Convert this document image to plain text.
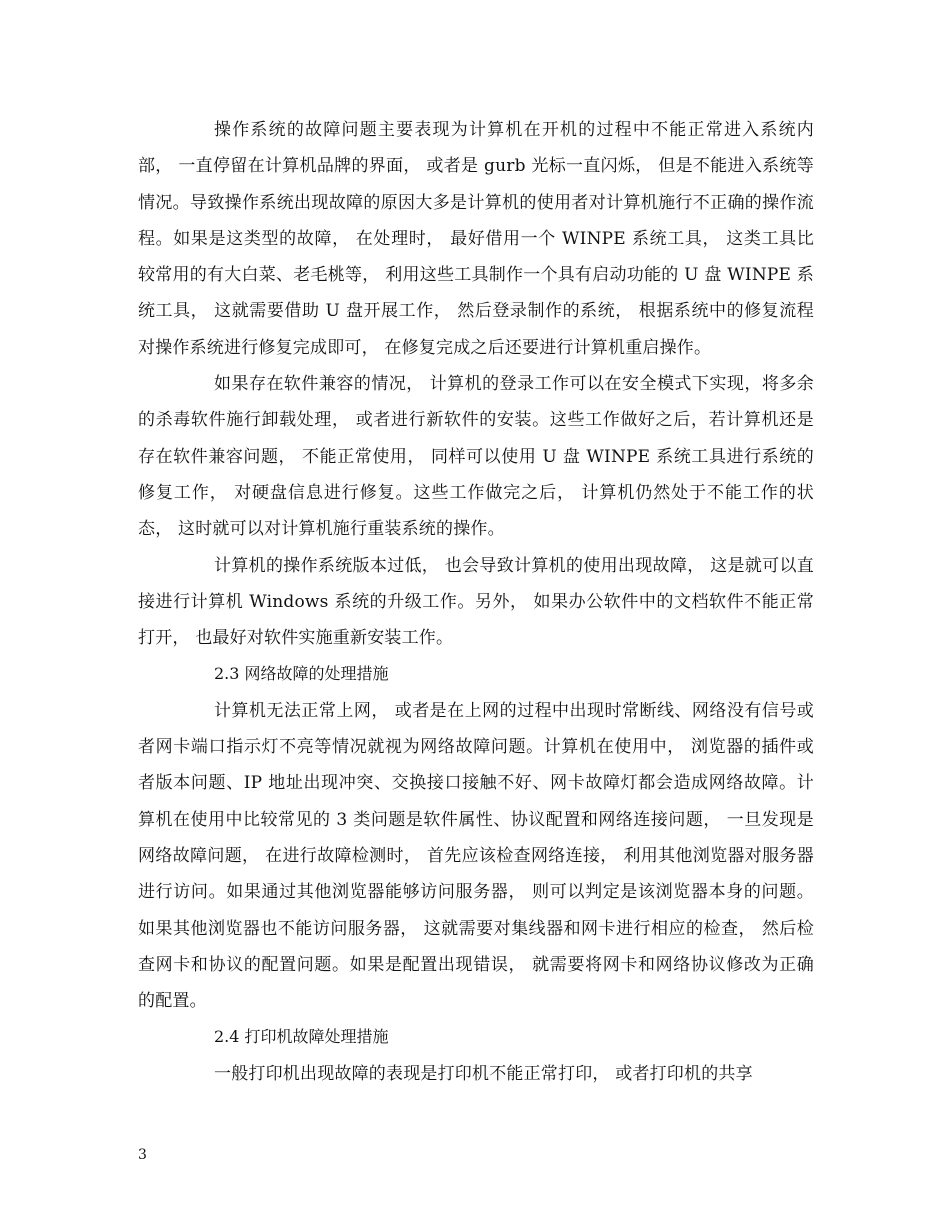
操作系统的故障问题主要表现为计算机在开机的过程中不能正常进入系统内部， 一直停留在计算机品牌的界面， 或者是 gurb 光标一直闪烁， 但是不能进入系统等情况。导致操作系统出现故障的原因大多是计算机的使用者对计算机施行不正确的操作流程。如果是这类型的故障， 在处理时， 最好借用一个 WINPE 系统工具， 这类工具比较常用的有大白菜、老毛桃等， 利用这些工具制作一个具有启动功能的 U 盘 WINPE 系统工具， 这就需要借助 U 盘开展工作， 然后登录制作的系统， 根据系统中的修复流程对操作系统进行修复完成即可， 在修复完成之后还要进行计算机重启操作。

如果存在软件兼容的情况， 计算机的登录工作可以在安全模式下实现，将多余的杀毒软件施行卸载处理， 或者进行新软件的安装。这些工作做好之后，若计算机还是存在软件兼容问题， 不能正常使用， 同样可以使用 U 盘 WINPE 系统工具进行系统的修复工作， 对硬盘信息进行修复。这些工作做完之后， 计算机仍然处于不能工作的状态， 这时就可以对计算机施行重装系统的操作。

计算机的操作系统版本过低， 也会导致计算机的使用出现故障， 这是就可以直接进行计算机 Windows 系统的升级工作。另外， 如果办公软件中的文档软件不能正常打开， 也最好对软件实施重新安装工作。

2.3 网络故障的处理措施

计算机无法正常上网， 或者是在上网的过程中出现时常断线、网络没有信号或者网卡端口指示灯不亮等情况就视为网络故障问题。计算机在使用中， 浏览器的插件或者版本问题、IP 地址出现冲突、交换接口接触不好、网卡故障灯都会造成网络故障。计算机在使用中比较常见的 3 类问题是软件属性、协议配置和网络连接问题， 一旦发现是网络故障问题， 在进行故障检测时， 首先应该检查网络连接， 利用其他浏览器对服务器进行访问。如果通过其他浏览器能够访问服务器， 则可以判定是该浏览器本身的问题。如果其他浏览器也不能访问服务器， 这就需要对集线器和网卡进行相应的检查， 然后检查网卡和协议的配置问题。如果是配置出现错误， 就需要将网卡和网络协议修改为正确的配置。

2.4 打印机故障处理措施

一般打印机出现故障的表现是打印机不能正常打印， 或者打印机的共享

3
